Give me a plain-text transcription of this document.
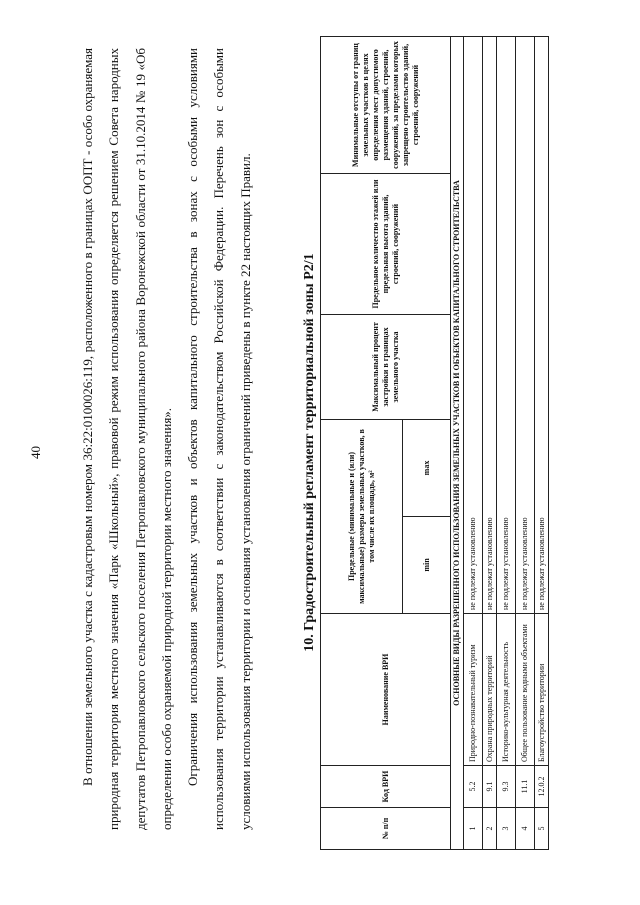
40	В отношении земельного участка с кадастровым номером 36:22:0100026:119, расположенного в границах ООПТ - особо охраняемая природная территория местного значения «Парк «Школьный», правовой режим использования определяется решением Совета народных депутатов Петропавловского сельского поселения Петропавловского муниципального района Воронежской области от 31.10.2014 № 19 «Об определении особо охраняемой природной территории местного значения». Ограничения использования земельных участков и объектов капитального строительства в зонах с особыми условиями использования территории устанавливаются в соответствии с законодательством Российской Федерации. Перечень зон с особыми условиями использования территории и основания установления ограничений приведены в пункте 22 настоящих Правил.	10. Градостроительный регламент территориальной зоны Р2/1
№ п/п	Код ВРИ	Наименование ВРИ	Предельные (минимальные и (или) максимальные) размеры земельных участков, в том числе их площадь, м²		Максимальный процент застройки в границах земельного участка	Предельное количество этажей или предельная высота зданий, строений, сооружений	Минимальные отступы от границ земельных участков в целях определения мест допустимого размещения зданий, строений, сооружений, за пределами которых запрещено строительство зданий, строений, сооружений
			min	max			
ОСНОВНЫЕ ВИДЫ РАЗРЕШЕННОГО ИСПОЛЬЗОВАНИЯ ЗЕМЕЛЬНЫХ УЧАСТКОВ И ОБЪЕКТОВ КАПИТАЛЬНОГО СТРОИТЕЛЬСТВА							
1	5.2	Природно-познавательный туризм	не подлежат установлению				
2	9.1	Охрана природных территорий	не подлежат установлению				
3	9.3	Историко-культурная деятельность	не подлежат установлению				
4	11.1	Общее пользование водными объектами	не подлежат установлению				
5	12.0.2	Благоустройство территории	не подлежат установлению				
